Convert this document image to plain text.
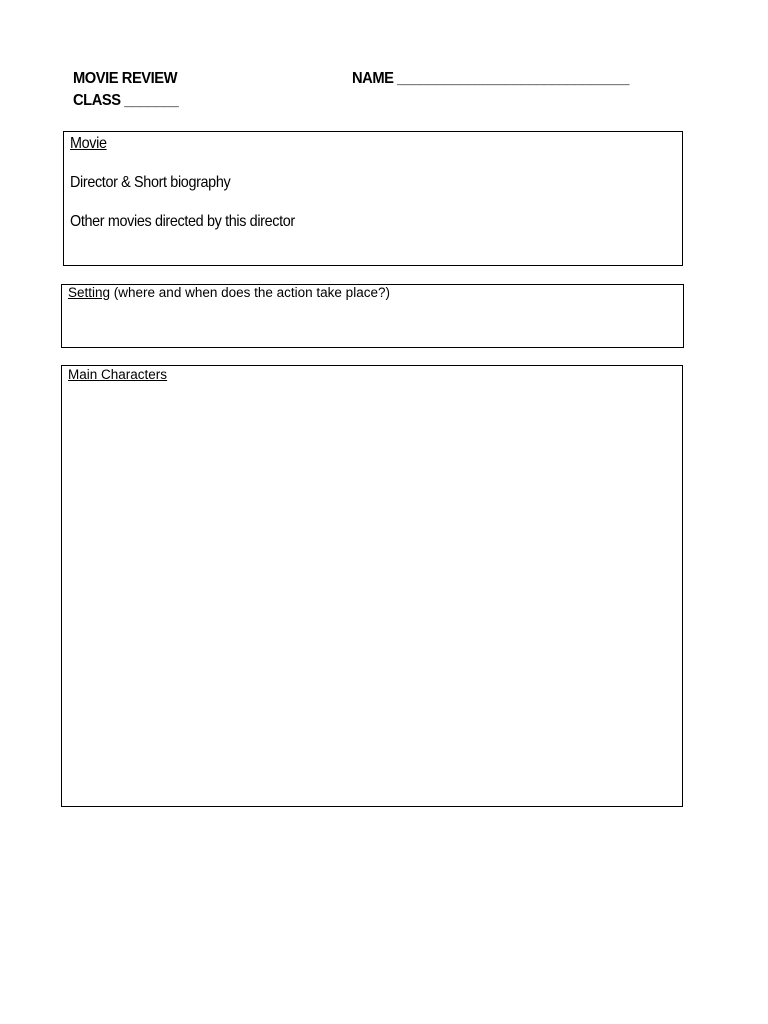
MOVIE REVIEW	NAME ______________________________
CLASS _______
Movie
Director & Short biography
Other movies directed by this director
Setting (where and when does the action take place?)
Main Characters
